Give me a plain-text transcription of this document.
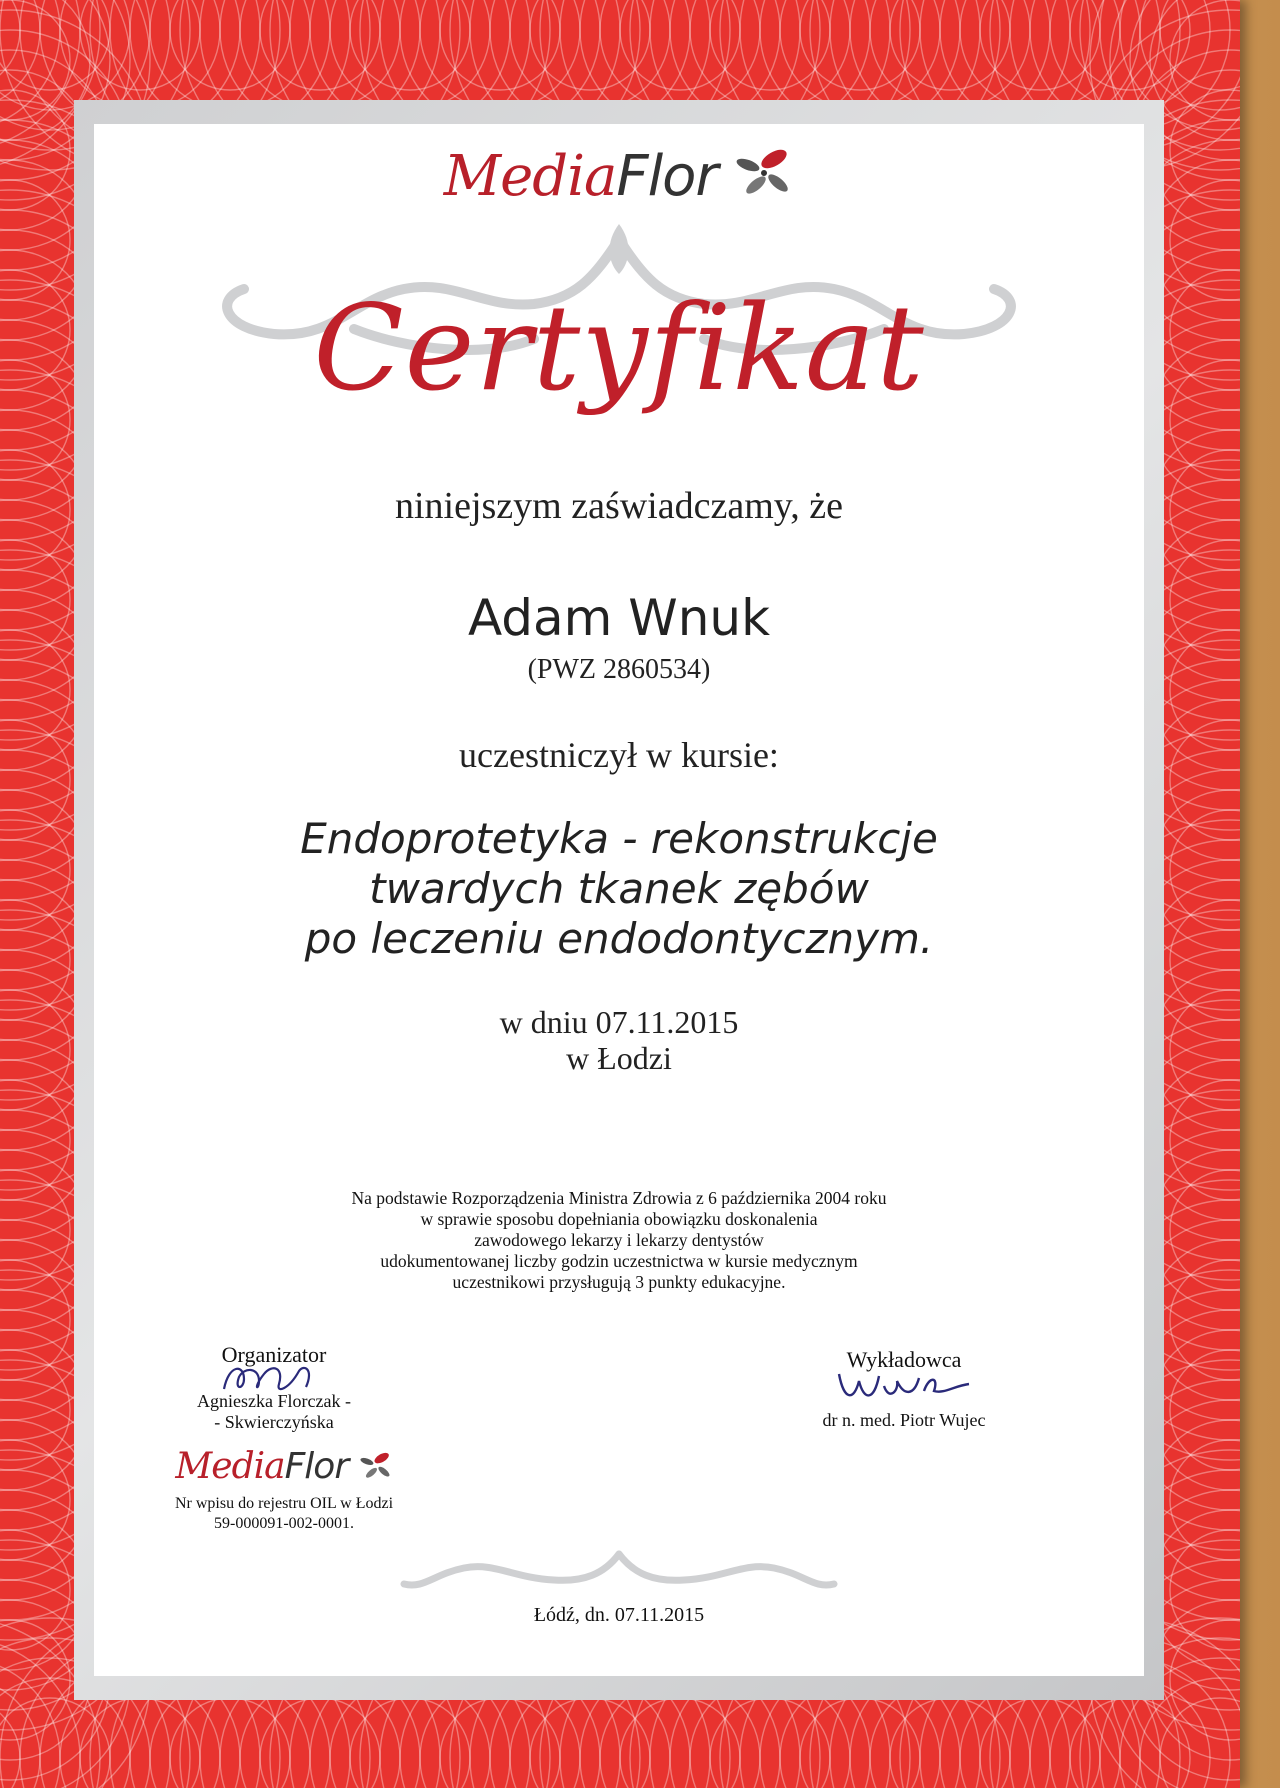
MediaFlor
Certyfikat
niniejszym zaświadczamy, że
Adam Wnuk
(PWZ 2860534)
uczestniczył w kursie:
Endoprotetyka - rekonstrukcje
twardych tkanek zębów
po leczeniu endodontycznym.
w dniu 07.11.2015
w Łodzi
Na podstawie Rozporządzenia Ministra Zdrowia z 6 października 2004 roku
w sprawie sposobu dopełniania obowiązku doskonalenia
zawodowego lekarzy i lekarzy dentystów
udokumentowanej liczby godzin uczestnictwa w kursie medycznym
uczestnikowi przysługują 3 punkty edukacyjne.
Organizator
Agnieszka Florczak -
- Skwierczyńska
MediaFlor
Nr wpisu do rejestru OIL w Łodzi
59-000091-002-0001.
Wykładowca
dr n. med. Piotr Wujec
Łódź, dn. 07.11.2015
